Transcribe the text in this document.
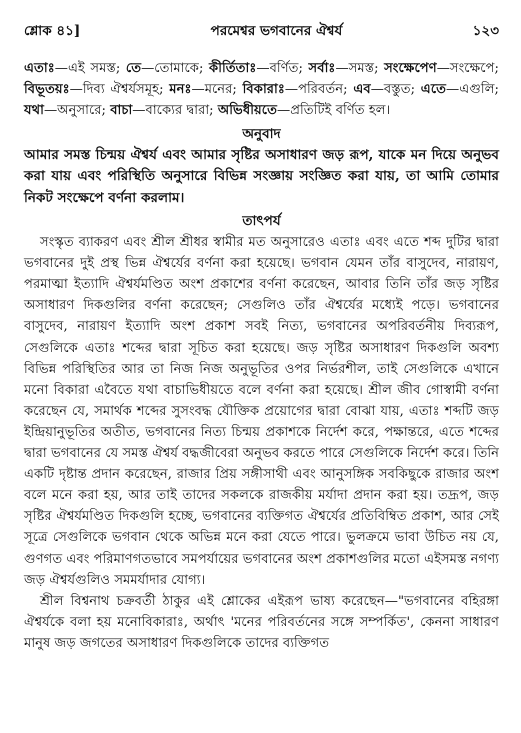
শ্লোক ৪১]	পরমেশ্বর ভগবানের ঐশ্বর্য	১২৩
এতাঃ—এই সমস্ত; তে—তোমাকে; কীর্তিতাঃ—বর্ণিত; সর্বাঃ—সমস্ত; সংক্ষেপেণ—সংক্ষেপে; বিভূতয়ঃ—দিব্য ঐশ্বর্যসমূহ; মনঃ—মনের; বিকারাঃ—পরিবর্তন; এব—বস্তুত; এতে—এগুলি; যথা—অনুসারে; বাচা—বাক্যের দ্বারা; অভিধীয়তে—প্রতিটিই বর্ণিত হল।
অনুবাদ
আমার সমস্ত চিন্ময় ঐশ্বর্য এবং আমার সৃষ্টির অসাধারণ জড় রূপ, যাকে মন দিয়ে অনুভব করা যায় এবং পরিস্থিতি অনুসারে বিভিন্ন সংজ্ঞায় সংজ্ঞিত করা যায়, তা আমি তোমার নিকট সংক্ষেপে বর্ণনা করলাম।
তাৎপর্য

সংস্কৃত ব্যাকরণ এবং শ্রীল শ্রীধর স্বামীর মত অনুসারেও এতাঃ এবং এতে শব্দ দুটির দ্বারা ভগবানের দুই প্রস্থ ভিন্ন ঐশ্বর্যের বর্ণনা করা হয়েছে। ভগবান যেমন তাঁর বাসুদেব, নারায়ণ, পরমাত্মা ইত্যাদি ঐশ্বর্যমণ্ডিত অংশ প্রকাশের বর্ণনা করেছেন, আবার তিনি তাঁর জড় সৃষ্টির অসাধারণ দিকগুলির বর্ণনা করেছেন; সেগুলিও তাঁর ঐশ্বর্যের মধ্যেই পড়ে। ভগবানের বাসুদেব, নারায়ণ ইত্যাদি অংশ প্রকাশ সবই নিত্য, ভগবানের অপরিবর্তনীয় দিব্যরূপ, সেগুলিকে এতাঃ শব্দের দ্বারা সূচিত করা হয়েছে। জড় সৃষ্টির অসাধারণ দিকগুলি অবশ্য বিভিন্ন পরিস্থিতির আর তা নিজ নিজ অনুভূতির ওপর নির্ভরশীল, তাই সেগুলিকে এখানে মনো বিকারা এবৈতে যথা বাচাভিধীয়তে বলে বর্ণনা করা হয়েছে। শ্রীল জীব গোস্বামী বর্ণনা করেছেন যে, সমার্থক শব্দের সুসংবদ্ধ যৌক্তিক প্রয়োগের দ্বারা বোঝা যায়, এতাঃ শব্দটি জড় ইন্দ্রিয়ানুভূতির অতীত, ভগবানের নিত্য চিন্ময় প্রকাশকে নির্দেশ করে, পক্ষান্তরে, এতে শব্দের দ্বারা ভগবানের যে সমস্ত ঐশ্বর্য বদ্ধজীবেরা অনুভব করতে পারে সেগুলিকে নির্দেশ করে। তিনি একটি দৃষ্টান্ত প্রদান করেছেন, রাজার প্রিয় সঙ্গীসাথী এবং আনুসঙ্গিক সবকিছুকে রাজার অংশ বলে মনে করা হয়, আর তাই তাদের সকলকে রাজকীয় মর্যাদা প্রদান করা হয়। তদ্রূপ, জড় সৃষ্টির ঐশ্বর্যমণ্ডিত দিকগুলি হচ্ছে, ভগবানের ব্যক্তিগত ঐশ্বর্যের প্রতিবিম্বিত প্রকাশ, আর সেই সূত্রে সেগুলিকে ভগবান থেকে অভিন্ন মনে করা যেতে পারে। ভুলক্রমে ভাবা উচিত নয় যে, গুণগত এবং পরিমাণগতভাবে সমপর্যায়ের ভগবানের অংশ প্রকাশগুলির মতো এইসমস্ত নগণ্য জড় ঐশ্বর্যগুলিও সমমর্যাদার যোগ্য।

শ্রীল বিশ্বনাথ চক্রবর্তী ঠাকুর এই শ্লোকের এইরূপ ভাষ্য করেছেন—"ভগবানের বহিরঙ্গা ঐশ্বর্যকে বলা হয় মনোবিকারাঃ, অর্থাৎ 'মনের পরিবর্তনের সঙ্গে সম্পর্কিত', কেননা সাধারণ মানুষ জড় জগতের অসাধারণ দিকগুলিকে তাদের ব্যক্তিগত
